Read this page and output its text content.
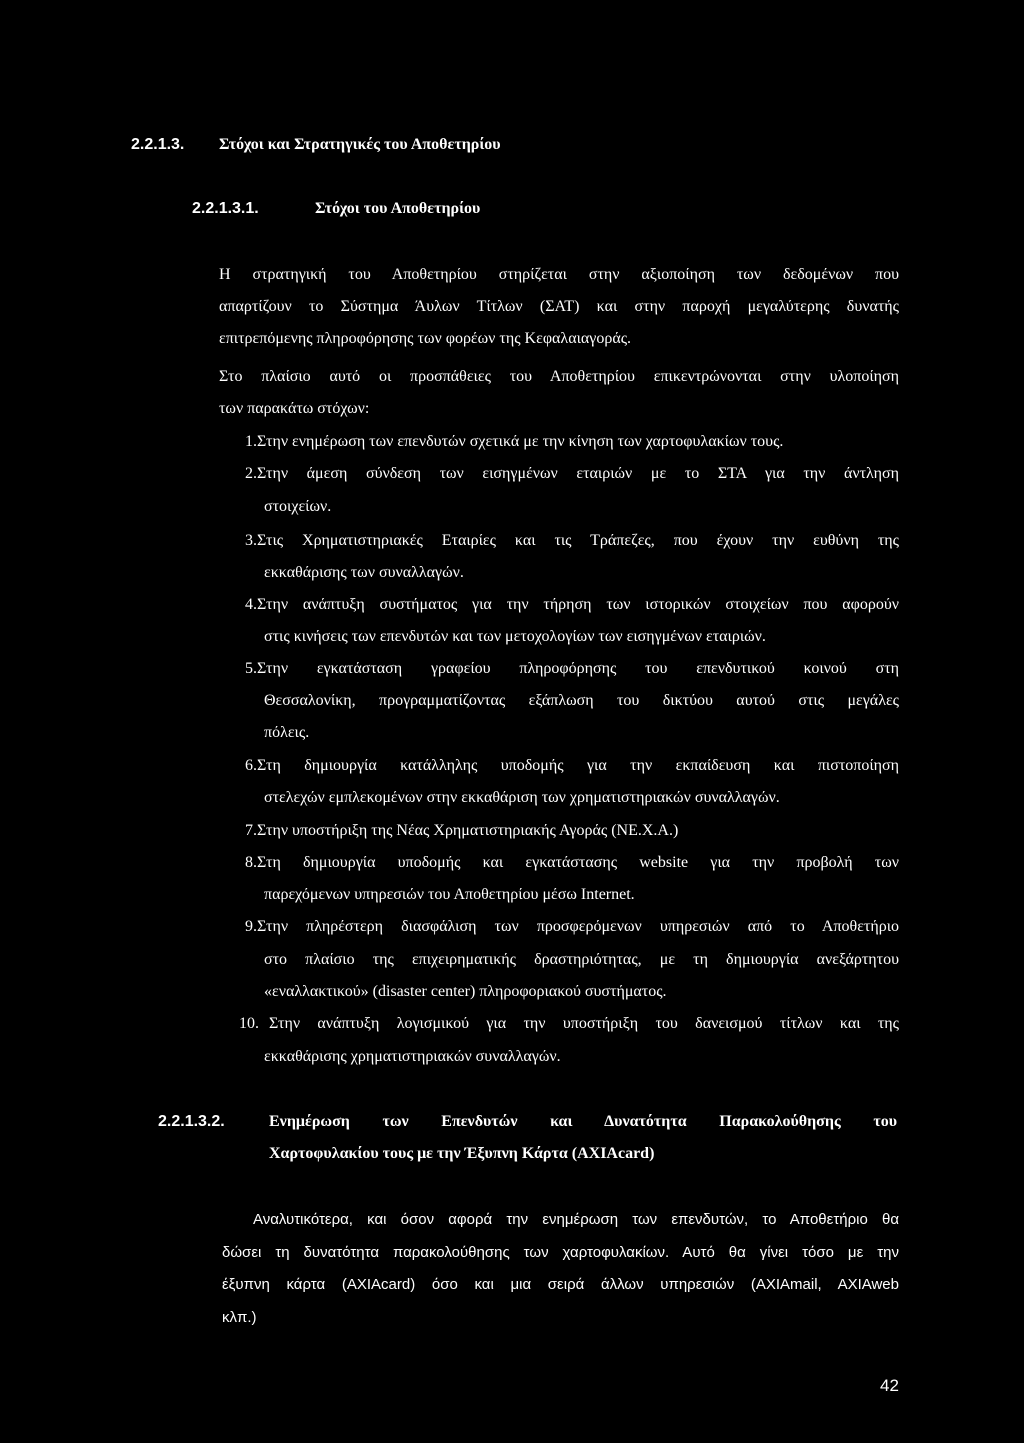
2.2.1.3. Στόχοι και Στρατηγικές του Αποθετηρίου
2.2.1.3.1.	Στόχοι του Αποθετηρίου
Η στρατηγική του Αποθετηρίου στηρίζεται στην αξιοποίηση των δεδομένων που
απαρτίζουν το Σύστημα Άυλων Τίτλων (ΣΑΤ) και στην παροχή μεγαλύτερης δυνατής
επιτρεπόμενης πληροφόρησης των φορέων της Κεφαλαιαγοράς.
Στο πλαίσιο αυτό οι προσπάθειες του Αποθετηρίου επικεντρώνονται στην υλοποίηση
των παρακάτω στόχων:
1.Στην ενημέρωση των επενδυτών σχετικά με την κίνηση των χαρτοφυλακίων τους.
2.Στην άμεση σύνδεση των εισηγμένων εταιριών με το ΣΤΑ για την άντληση
στοιχείων.
3.Στις Χρηματιστηριακές Εταιρίες και τις Τράπεζες, που έχουν την ευθύνη της
εκκαθάρισης των συναλλαγών.
4.Στην ανάπτυξη συστήματος για την τήρηση των ιστορικών στοιχείων που αφορούν
στις κινήσεις των επενδυτών και των μετοχολογίων των εισηγμένων εταιριών.
5.Στην εγκατάσταση γραφείου πληροφόρησης του επενδυτικού κοινού στη
Θεσσαλονίκη, προγραμματίζοντας εξάπλωση του δικτύου αυτού στις μεγάλες
πόλεις.
6.Στη δημιουργία κατάλληλης υποδομής για την εκπαίδευση και πιστοποίηση
στελεχών εμπλεκομένων στην εκκαθάριση των χρηματιστηριακών συναλλαγών.
7.Στην υποστήριξη της Νέας Χρηματιστηριακής Αγοράς (ΝΕ.Χ.Α.)
8.Στη δημιουργία υποδομής και εγκατάστασης website για την προβολή των
παρεχόμενων υπηρεσιών του Αποθετηρίου μέσω Internet.
9.Στην πληρέστερη διασφάλιση των προσφερόμενων υπηρεσιών από το Αποθετήριο
στο πλαίσιο της επιχειρηματικής δραστηριότητας, με τη δημιουργία ανεξάρτητου
«εναλλακτικού» (disaster center) πληροφοριακού συστήματος.
10. Στην ανάπτυξη λογισμικού για την υποστήριξη του δανεισμού τίτλων και της
εκκαθάρισης χρηματιστηριακών συναλλαγών.
2.2.1.3.2.	Ενημέρωση των Επενδυτών και Δυνατότητα Παρακολούθησης του
Χαρτοφυλακίου τους με την Έξυπνη Κάρτα (AXIAcard)
Αναλυτικότερα, και όσον αφορά την ενημέρωση των επενδυτών, το Αποθετήριο θα
δώσει τη δυνατότητα παρακολούθησης των χαρτοφυλακίων. Αυτό θα γίνει τόσο με την
έξυπνη κάρτα (AXIAcard) όσο και μια σειρά άλλων υπηρεσιών (AXIAmail, AXIAweb
κλπ.)
42
